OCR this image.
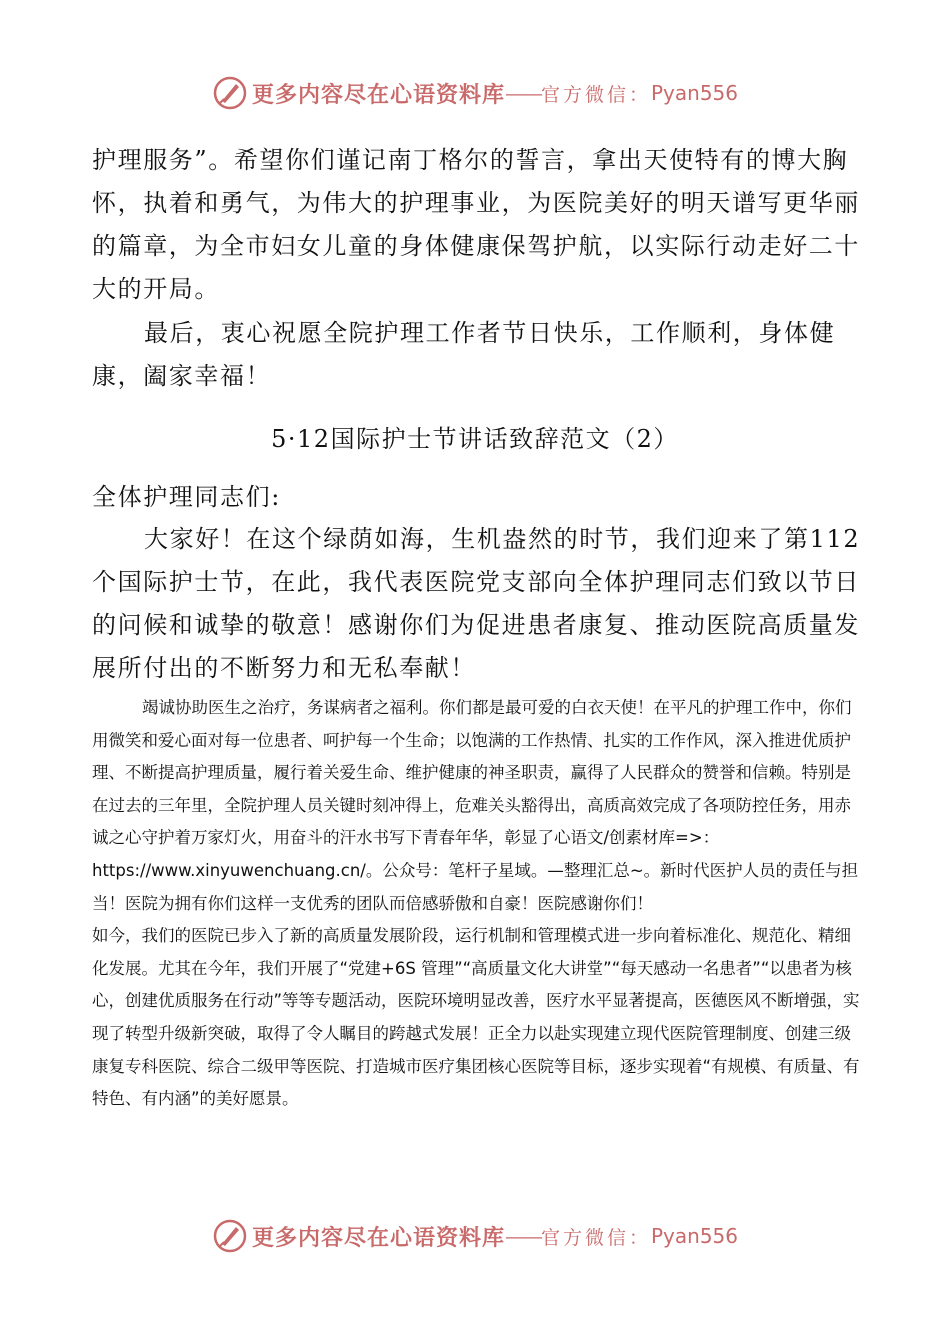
更多内容尽在心语资料库 —— 官方微信： Pyan556

护理服务”。希望你们谨记南丁格尔的誓言，拿出天使特有的博大胸怀，执着和勇气，为伟大的护理事业，为医院美好的明天谱写更华丽的篇章，为全市妇女儿童的身体健康保驾护航，以实际行动走好二十大的开局。

最后，衷心祝愿全院护理工作者节日快乐，工作顺利，身体健康，阖家幸福！

5·12国际护士节讲话致辞范文（2）

全体护理同志们:

大家好！在这个绿荫如海，生机盎然的时节，我们迎来了第112个国际护士节，在此，我代表医院党支部向全体护理同志们致以节日的问候和诚挚的敬意！感谢你们为促进患者康复、推动医院高质量发展所付出的不断努力和无私奉献！

竭诚协助医生之治疗，务谋病者之福利。你们都是最可爱的白衣天使！在平凡的护理工作中，你们用微笑和爱心面对每一位患者、呵护每一个生命；以饱满的工作热情、扎实的工作作风，深入推进优质护理、不断提高护理质量，履行着关爱生命、维护健康的神圣职责，赢得了人民群众的赞誉和信赖。特别是在过去的三年里，全院护理人员关键时刻冲得上，危难关头豁得出，高质高效完成了各项防控任务，用赤诚之心守护着万家灯火，用奋斗的汗水书写下青春年华，彰显了心语文/创素材库=>：https://www.xinyuwenchuang.cn/。公众号：笔杆子星域。—整理汇总~。新时代医护人员的责任与担当！医院为拥有你们这样一支优秀的团队而倍感骄傲和自豪！医院感谢你们！

如今，我们的医院已步入了新的高质量发展阶段，运行机制和管理模式进一步向着标准化、规范化、精细化发展。尤其在今年，我们开展了“党建+6S 管理”“高质量文化大讲堂”“每天感动一名患者”“以患者为核心，创建优质服务在行动”等等专题活动，医院环境明显改善，医疗水平显著提高，医德医风不断增强，实现了转型升级新突破，取得了令人瞩目的跨越式发展！正全力以赴实现建立现代医院管理制度、创建三级康复专科医院、综合二级甲等医院、打造城市医疗集团核心医院等目标，逐步实现着“有规模、有质量、有特色、有内涵”的美好愿景。

更多内容尽在心语资料库 —— 官方微信： Pyan556
